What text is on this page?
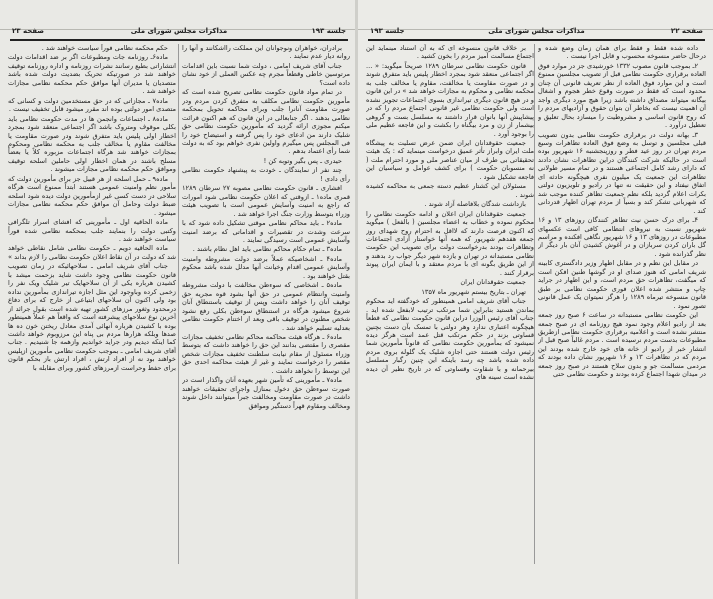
جلسه ۱۹۳
مذاکرات مجلس شورای ملی
صفحه ۲۳

حکم محکمه نظامی فوراً سیاست خواهند شد .

ماده۶ـ روزنامه جات ومطبوعات اگر بر ضد اقدامات دولت انتشاراتی بطبع رسانند نشرات روزنامه و اداره روزنامه توقیف خواهند شد در صورتیکه تحریک بضدیت دولت شده باشد متصدیان یا مدیران آنها موافق حکم محکمه نظامی مجازات خواهند شد .

ماده۷ ـ مجازاتی که در حق مستخدمین دولت و کسانی که متصدی امور دولتی بوده اند مقرر میشود قابل تخفیف نیست .

ماده۸ ـ اجتماعات وانجمن ها در مدت حکومت نظامی باید بکلی موقوف ومتروک باشد اگر اجتماعی منعقد شود بمجرد اخطار اولی پلیس باید متفرق شوند ودر صورت مقاومت یا مخالفت مقاوم یا مخالف جلب به محکمه نظامی ومحکوم بمجازات خواهند شد هرگاه اجتماعات مزبوره کلاً یا بعضاً مسلح باشند در همان اخطار اولی حاملین اسلحه توقیف وموافق حکم محکمه نظامی مجازات میشوند .

ماده۹ ـ حمل اسلحه از هر قبیل جز برای مأمورین دولت که مأمور نظم وامنیت عمومی هستند ابتداً ممنوع است هرگاه سلاحی در دست کسی غیر ازمأمورین دولت دیده شود اسلحه ضبط دولت وحامل آن موافق حکم محکمه نظامی مجازات میشود .

ماده الحاقیه اول ـ مأمورینی که افشای اسرار تلگرافی وکتبی دولت را بنمایند جلب بمحکمه نظامی شده فوراً سیاست خواهند شد .

ماده الحاقیه دویم ـ حکومت نظامی شامل نقاطی خواهد شد که دولت در آن نقاط اعلان حکومت نظامی را لازم بداند »

جناب آقای شریف امامی ـ سلاحهائیکه در زمان تصویب قانون حکومت نظامی وجود داشت شاید بزحمت میشد با کشیدن هرباره یکی از آن سلاحهایک تیر شلیک ویک نفر را زخمی کرده وباوجود این مثل اجازه تیراندازی بمأمورین نداده بود ولی اکنون آن سلاحهای ابتیاعی از خارج که برای دفاع درمحدود وثغور مرزهای کشور تهیه شده است بقول جرائد از آخرین نوع سلاحهای پیشرفته است که واقعاً هم عملاً همینطور بوده با کشیدن هرباره آنهائی آمدی معادل ریختن خون ده ها صدها وبلکه هزارها مردم بی پناه این مرزوبوم خواهد داشت کما اینکه دیدیم ودر جراید خواندیم وازهمه جا شنیدیم . جناب آقای شریف امامی ـ بموجب حکومت نظامی مأمورین ازپلیس خواهند بود نه از افراد ارتش ، افراد ارتش باز بحکم قانون برای حفظ وحراست ازمرزهای کشور وبرای مقابله با

برادران، خواهران ونوجوانان این مملکت رااشکانند و آنها را روانه دیار عدم نمایند .

جناب آقای شریف امامی ، دولت شما نسبت باین اقدامات مرتوسین خاطی وقطعاً مجرم چه عکس العملی از خود نشان داده است؟

در تمام مواد قانون حکومت نظامی تصریح شده است که مأمورین حکومت نظامی مکلف به متفرق کردن مردم ودر صورت مقاومت آنانرا جلب وبرای محاکمه تحویل بمحکمه نظامی بدهند . اگر جنابعالی در این قانون که هم اکنون قرائت میکنم مجوزی ارائه گردید که مأمورین حکومت نظامی حق شلیک دارند من ادعای خود را پس گرفته و استیضاح خود را فی المجلس پس میگیرم واولین نفری خواهم بود که به دولت شما رأی اعتماد بدهم .

حیدری ـ پس بگیر وتوبه کن !

چند نفر از نمایندگان ـ خودت به پیشنهاد حکومت نظامی رأی دادی !

افشاری ـ قانون حکومت نظامی مصوبه ۲۷ سرطان ۱۲۸۹ قمری ماده۱ ـ ازوقتی که اعلان حکومت نظامی شود امورات که راجع به امنیت وآسایش عمومی است با تصویب هیئت وزراء بتوسط وزارت جنگ اجرا خواهد شد .

ماده۲ ـ باید محاکم نظامی موقتی تشکیل داده شود که با سرعت وشدت در تقصیرات و اقداماتی که برضد امنیت وآسایش عمومی است رسیدگی نمایند .

ماده۳ ـ تمام حکام محاکم نظامی باید اهل نظام باشند .

ماده۴ ـ اشخاصیکه عملاً برضد دولت مشروطه وامنیت وآسایش عمومی اقدام وخیانت آنها مدلل شده باشد محکوم بقتل خواهند بود .

ماده۵ ـ اشخاصی که سوءظن مخالفت با دولت مشروطه وامنیت وانتظام عمومی در حق آنها بشود قوه مجریه حق توقیف آنان را خواهد داشت وپس از توقیف باستنطاق آنان شروع میشود هرگاه در استنطاق سوءظن بکلی رفع نشود شخص مظنون در توقیف باقی وبعد از اختتام حکومت نظامی بعدلیه تسلیم خواهد شد .

ماده۶ ـ هرگاه هیئت محاکمه محاکم نظامی تخفیف مجازات مقصری را مقتضی بدانند این حق را خواهند داشت که بتوسط وزراء مسئول از مقام نیابت سلطنت تخفیف مجازات شخص مقصر را درخواست نمایند و غیر از هیئت محاکمه احدی حق این توسط را نخواهد داشت .

ماده۷ ـ مأمورینی که تأمین شهر بعهده آنان واگذار است در صورت سوءظن حق دخول بمنازل واجرای تحقیقات خواهند داشت در صورت مقاومت ومخالفت جبراً میتوانند داخل شوند ومخالف ومقاوم قهراً دستگیر وموافق

صفحه ۲۲
مذاکرات مجلس شورای ملی
جلسه ۱۹۳

بر خلاف قانون منسوخه ای که به آن استناد مینماید این اجتماع مسالمت آمیز مردم را بخون کشید .

قانون حکومت نظامی سرطان ۱۲۸۹ صریحاً میگوید: « ... اگر اجتماعی منعقد شود بمجرد اخطار پلیس باید متفرق شوند و در صورت مقاومت یا مخالفت، مقاوم یا مخالف جلب به محکمه نظامی و محکوم به مجازات خواهد شد » در این قانون و در هیچ قانون دیگری تیراندازی بسوی اجتماعات تجویز نشده است ولی حکومت نظامی غیر قانونی اجتماع مردم را که در پیشاپیش آنها بانوان قرار داشتند به مسلسل بست و گروهی بیشمار از زن و مرد بیگناه را بکشت و این فاجعه عظیم ملی را بوجود آورد .

جمعیت حقوقدانان ایران ضمن عرض تسلیت به پیشگاه ملت ایران وابراز تأثر عمیق درخواست مینماید که : یک هیئت تحقیقاتی بی طرف از میان عناصر ملی و مورد احترام ملت ( نه منسوبان حکومت ) برای کشف عوامل و سیاسیان این فاجعه تشکیل شود .

مسئولان این کشتار عظیم دسته جمعی به محاکمه کشیده شوند .

بازداشت شدگان بلافاصله آزاد شوند .

جمعیت حقوقدانان ایران اعلان و ادامه حکومت نظامی را محکوم نموده و خطاب به اعضاء مجلسین ( بالفعل ) میگوید که اکنون فرصت دارند که لااقل به احترام روح شهدای روز جمعه هفدهم شهریور که همه آنها خواستار آزادی اجتماعات وتظاهرات بودند بدرخواست دولت برای تصویب این حکومت نظامی مستبدانه در تهران و یازده شهر دیگر جواب رد بدهند و از این طریق بگونه ای با مردم معتقد و با ایمان ایران پیوند برقرار کنند .

جمعیت حقوقدانان ایران

تهران ـ بتاریخ بیستم شهریور ماه ۱۳۵۷

جناب آقای شریف امامی همینطور که خودگفته اید محکوم بماندن هستید بنابراین شما مرتکب ترتیب لابفعل شده اید . جناب آقای رئیس الوزرا دراین قانون حکومت نظامی که قطعاً هیچگونه اعتباری ندارد وهر دولتی با تمسک بآن دست بچنین قساوتی بزند در حکم مرتکب قتل عمد است هرگز دیده نمیشود که بمأمورین حکومت نظامی که قانوناً مأمورین شما رئیس دولت هستند حتی اجازه شلیک یک گلوله بروی مردم داده شده باشد چه رسد باینکه این چنین رگبار مسلسل بیرحمانه و با شقاوت وقساوتی که در تاریخ نظیر آن دیده نشده است سینه های

داده شده فقط و فقط برای همان زمان وضع شده و درحال حاضر منسوخه محسوب و قابل اجرا نیست .

۲ـ بموجب قانون مصوب ۱۳۳۲ خورشیدی جز در موارد فوق العاده برقراری حکومت نظامی قبل از تصویب مجلسین ممنوع است و این موارد فوق العاده از نظر تعریف قانونی آن چنان محدود است که فقط در صورت وقوع خطر هجوم و اشغال بیگانه میتواند مصداق داشته باشد زیرا هیچ مورد دیگری واجد آن اهمیت نیست که بخاطر آن بتوان حقوق و آزادیهای مردم را که روح قانون اساسی و مشروطیت را میسازد بحال تعلیق و تعطیل درآورد .

۳ـ بهانه دولت در برقراری حکومت نظامی بدون تصویب قبلی مجلسین و توسل به وضع فوق العاده تظاهرات وسیع مردم تهران در روز عید فطر و روزپنجشنبه ۱۶ شهریور بوده است در حالیکه شرکت کنندگان دراین تظاهرات نشان دادند که دارای رشد کامل اجتماعی هستند و در تمام مسیر طولانی تظاهرات این جمعیت یک میلیون نفری هیچگونه حادثه ای اتفاق نیفتاد و این حقیقت نه تنها در رادیو و تلویزیون دولتی بکرات اعلام گردید بلکه نظم جمعیت تظاهر کننده موجب شد که شهربانی تشکر کند و بسیاً از مردم تهران اظهار قدردانی کند .

۴ـ برای درک حسن نیت تظاهر کنندگان روزهای ۱۳ و ۱۶ شهریور نسبت به نیروهای انتظامی کافی است عکسهای مطبوعات در روزهای ۱۳ و ۱۶ شهریور نگاهی افکنده و مراسم گل باران کردن سربازان و در آغوش کشیدن آنان بار دیگر از نظر گذرانده شود .

در مقابل این نظم و در مقابل اظهار وزیر دادگستری کابینه شریف امامی که هنوز صدای او در گوشها طنین افکن است که میگفت، تظاهرات حق مردم است، و این اظهار در جراید چاپ و منتشر شده اعلان فوری حکومت نظامی بر طبق قانون منسوخه تیرماه ۱۲۸۹ را هرگز نمیتوان یک عمل قانونی تصور نمود .

این حکومت نظامی مستبدانه در ساعت ۶ صبح روز جمعه بعد از رادیو اعلام وجود نمود هیچ روزنامه ای در صبح جمعه منتشر نشده است و اعلامیه برقراری حکومت نظامی ازطریق مطبوعات بدست مردم نرسیده است . مردم غالباً صبح قبل از انتشار خبر از رادیو از خانه های خود خارج شده بودند این مردم که در تظاهرات ۱۳ و ۱۶ شهریور نشان داده بودند که مردمی مسالمت جو و بدون سلاح هستند در صبح روز جمعه در میدان شهدا اجتماع کرده بودند و حکومت نظامی حتی
